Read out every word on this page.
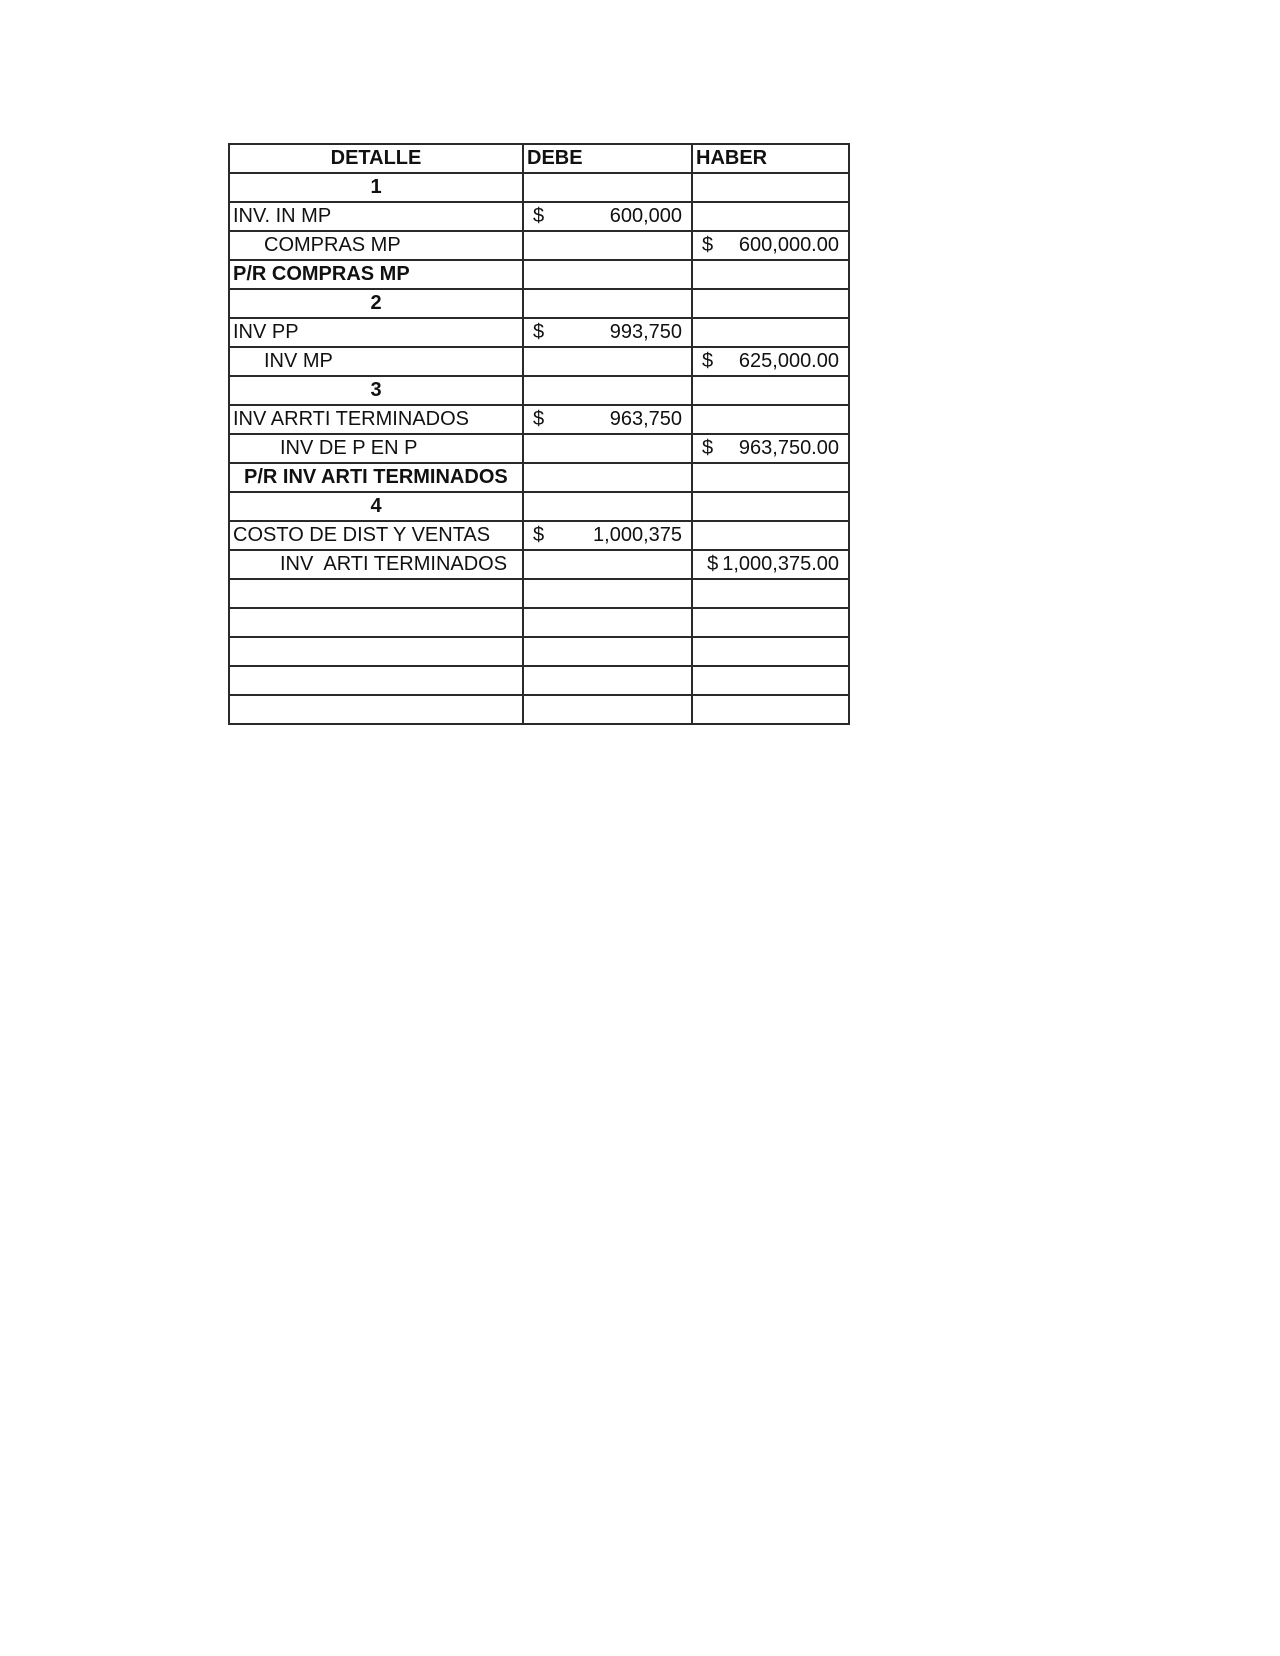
DETALLE	DEBE	HABER
1		
INV. IN MP	$ 600,000	

COMPRAS MP		$ 600,000.00

P/R COMPRAS MP		
2		
INV PP	$ 993,750	

INV MP		$ 625,000.00

3		
INV ARRTI TERMINADOS	$ 963,750	

INV DE P EN P		$ 963,750.00

P/R INV ARTI TERMINADOS		
4		
COSTO DE DIST Y VENTAS	$ 1,000,375	

INV  ARTI TERMINADOS		$ 1,000,375.00
